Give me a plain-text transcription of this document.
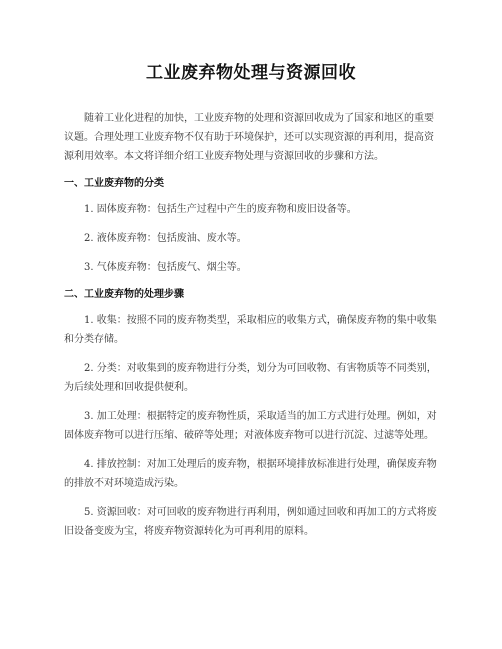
工业废弃物处理与资源回收

随着工业化进程的加快，工业废弃物的处理和资源回收成为了国家和地区的重要议题。合理处理工业废弃物不仅有助于环境保护，还可以实现资源的再利用，提高资源利用效率。本文将详细介绍工业废弃物处理与资源回收的步骤和方法。

一、工业废弃物的分类

1. 固体废弃物：包括生产过程中产生的废弃物和废旧设备等。

2. 液体废弃物：包括废油、废水等。

3. 气体废弃物：包括废气、烟尘等。

二、工业废弃物的处理步骤

1. 收集：按照不同的废弃物类型，采取相应的收集方式，确保废弃物的集中收集和分类存储。

2. 分类：对收集到的废弃物进行分类，划分为可回收物、有害物质等不同类别，为后续处理和回收提供便利。

3. 加工处理：根据特定的废弃物性质，采取适当的加工方式进行处理。例如，对固体废弃物可以进行压缩、破碎等处理；对液体废弃物可以进行沉淀、过滤等处理。

4. 排放控制：对加工处理后的废弃物，根据环境排放标准进行处理，确保废弃物的排放不对环境造成污染。

5. 资源回收：对可回收的废弃物进行再利用，例如通过回收和再加工的方式将废旧设备变废为宝，将废弃物资源转化为可再利用的原料。
